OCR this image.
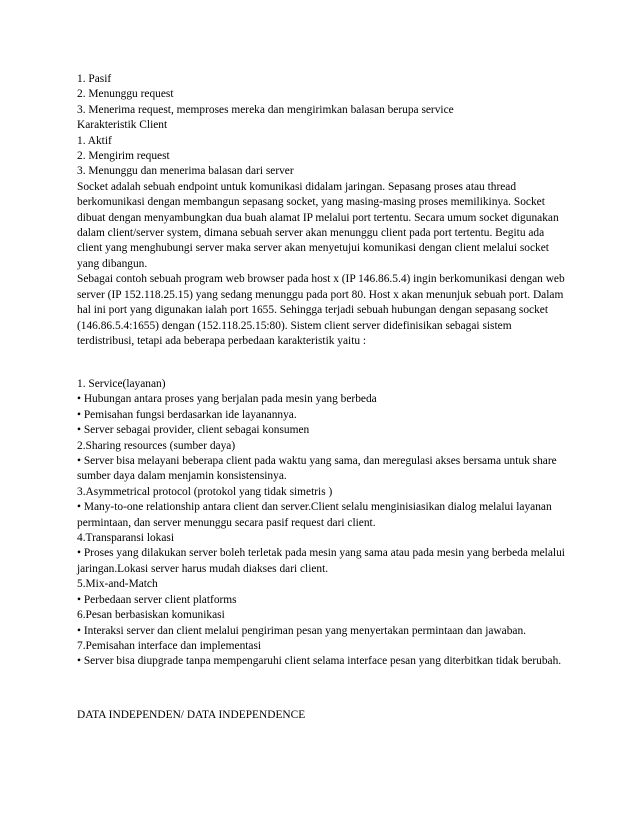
1. Pasif

2. Menunggu request

3. Menerima request, memproses mereka dan mengirimkan balasan berupa service

Karakteristik Client

1. Aktif

2. Mengirim request

3. Menunggu dan menerima balasan dari server

Socket adalah sebuah endpoint untuk komunikasi didalam jaringan. Sepasang proses atau thread berkomunikasi dengan membangun sepasang socket, yang masing-masing proses memilikinya. Socket dibuat dengan menyambungkan dua buah alamat IP melalui port tertentu. Secara umum socket digunakan dalam client/server system, dimana sebuah server akan menunggu client pada port tertentu. Begitu ada client yang menghubungi server maka server akan menyetujui komunikasi dengan client melalui socket yang dibangun.

Sebagai contoh sebuah program web browser pada host x (IP 146.86.5.4) ingin berkomunikasi dengan web server (IP 152.118.25.15) yang sedang menunggu pada port 80. Host x akan menunjuk sebuah port. Dalam hal ini port yang digunakan ialah port 1655. Sehingga terjadi sebuah hubungan dengan sepasang socket (146.86.5.4:1655) dengan (152.118.25.15:80). Sistem client server didefinisikan sebagai sistem terdistribusi, tetapi ada beberapa perbedaan karakteristik yaitu :

1. Service(layanan)

• Hubungan antara proses yang berjalan pada mesin yang berbeda

• Pemisahan fungsi berdasarkan ide layanannya.

• Server sebagai provider, client sebagai konsumen

2.Sharing resources (sumber daya)

• Server bisa melayani beberapa client pada waktu yang sama, dan meregulasi akses bersama untuk share sumber daya dalam menjamin konsistensinya.

3.Asymmetrical protocol (protokol yang tidak simetris )

• Many-to-one relationship antara client dan server.Client selalu menginisiasikan dialog melalui layanan permintaan, dan server menunggu secara pasif request dari client.

4.Transparansi lokasi

• Proses yang dilakukan server boleh terletak pada mesin yang sama atau pada mesin yang berbeda melalui jaringan.Lokasi server harus mudah diakses dari client.

5.Mix-and-Match

• Perbedaan server client platforms

6.Pesan berbasiskan komunikasi

• Interaksi server dan client melalui pengiriman pesan yang menyertakan permintaan dan jawaban.

7.Pemisahan interface dan implementasi

• Server bisa diupgrade tanpa mempengaruhi client selama interface pesan yang diterbitkan tidak berubah.

DATA INDEPENDEN/ DATA INDEPENDENCE
